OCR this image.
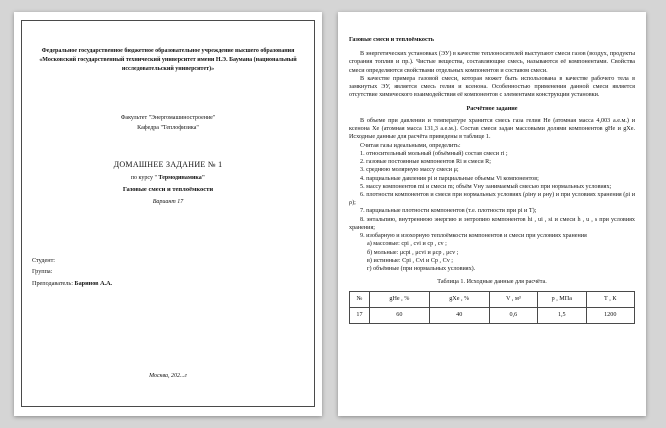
Федеральное государственное бюджетное образовательное учреждение высшего образования «Московский государственный технический университет имени Н.Э. Баумана (национальный исследовательский университет)»
Факультет "Энергомашиностроение"
Кафедра "Теплофизика"
ДОМАШНЕЕ ЗАДАНИЕ № 1
по курсу " Термодинамика"
Газовые смеси и теплоёмкости
Вариант 17
Студент:
Группа:
Преподаватель: Баринов А.А.
Москва, 202...г
Газовые смеси и теплоёмкость
В энергетических установках (ЭУ) в качестве теплоносителей выступают смеси газов (воздух, продукты сгорания топлив и пр.). Чистые вещества, составляющие смесь, называются её компонентами. Свойства смеси определяются свойствами отдельных компонентов и составом смеси.
В качестве примера газовой смеси, которая может быть использована в качестве рабочего тела в замкнутых ЭУ, является смесь гелия и ксенона. Особенностью применения данной смеси является отсутствие химического взаимодействия её компонентов с элементами конструкции установки.
Расчётное задание
В объеме при давлении и температуре хранится смесь газа гелия He (атомная масса 4,003 а.е.м.) и ксенона Xe (атомная масса 131,3 а.е.м.). Состав смеси задан массовыми долями компонентов gHe и gXe. Исходные данные для расчёта приведены в таблице 1.
Считая газы идеальными, определить:
1. относительный мольный (объёмный) состав смеси ri ;
2. газовые постоянные компонентов Ri и смеси R;
3. среднюю молярную массу смеси μ;
4. парциальные давления pi и парциальные объемы Vi компонентов;
5. массу компонентов mi и смеси m; объём Vну занимаемый смесью при нормальных условиях;
6. плотности компонентов и смеси при нормальных условиях (ρiну и ρну) и при условиях хранения (ρi и ρ);
7. парциальные плотности компонентов (т.е. плотности при pi и T);
8. энтальпию, внутреннюю энергию и энтропию компонентов hi , ui , si и смеси h , u , s при условиях хранения;
9. изобарную и изохорную теплоёмкости компонентов и смеси при условиях хранения
а) массовые: cpi , cvi и cp , cv ;
б) мольные: μcpi , μcvi и μcp , μcv ;
в) истинные: Cpi , Cvi и Cp , Cv ;
г) объёмные (при нормальных условиях).
Таблица 1. Исходные данные для расчёта.
№	gHe , %	gXe , %	V , м³	p , МПа	Т , К
17	60	40	0,6	1,5	1200
